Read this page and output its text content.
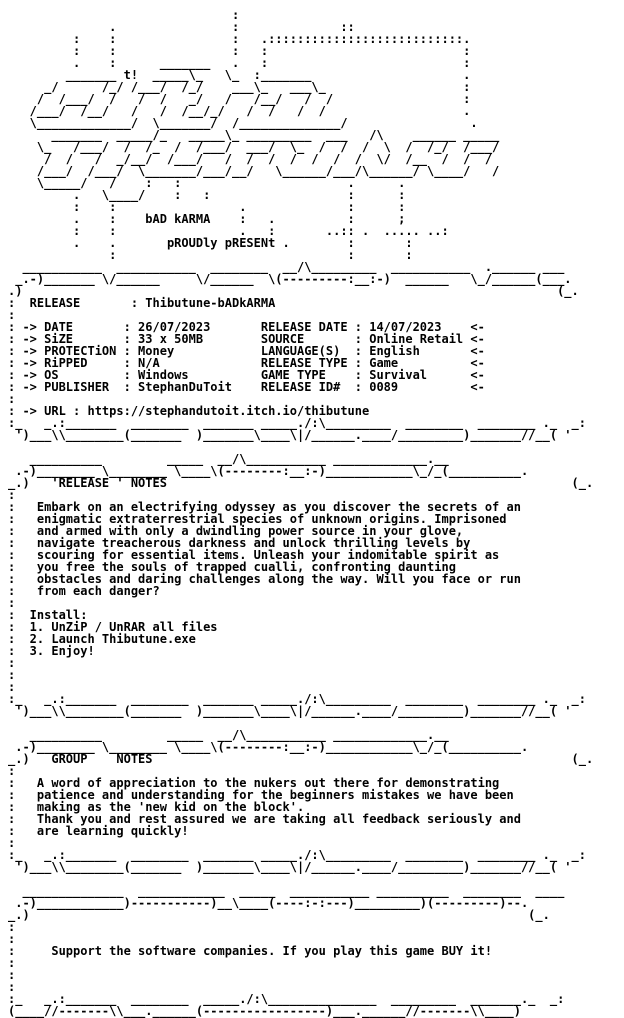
:
.                :              ::
:    :                :   .:::::::::::::::::::::::::::.
:    :                :   :                           :
.    :      _______   .   :                           :
_______ t!  _____\_   \_  :_______                     .
_/      /_/ /___/  /_/    ___\_   ___\_                   :
/  /___/  /   /  /   _/   /   /__/   /  /                  :
/___/  /__/   /   /  /__/_/   /  /   /  /                   .
\_____________/  \_______/  /______________/                 .
_______  _____/_   _____\_ _________  ___   /\    ______ _____
\_   /___/  /  /_  /  /___/  ___/  \_  /  /  /  \  /  /_/  /___/
/  /   /  _/__/  /___/   /  /  /  /  /  /  /  \/  /__  /  /  /
/___/  /___/  \_______/___/__/   \______/___/\______/ \____/   /
\_____/   /    :   :                       .      .
.   \____/    :   :                   :      :
:    :                 .              :      :
.    :    bAD kARMA    :   .          :      ;
:    :                 .   :       ..:: .  ..... ..:
.    .       pROUDly pRESENt .        :       :
:                                :       :

___________  ___________  ________  __/\_________  ___________  .______ ___
_.-)_______ \/______     \/______  \(---------:__:-)  ______   \_/______(___.
.)                                                                          (_.
:  RELEASE       : Thibutune-bADkARMA
:
: -> DATE       : 26/07/2023       RELEASE DATE : 14/07/2023    <-
: -> SiZE       : 33 x 50MB        SOURCE       : Online Retail <-
: -> PROTECTiON : Money            LANGUAGE(S)  : English       <-
: -> RiPPED     : N/A              RELEASE TYPE : Game          <-
: -> OS         : Windows          GAME TYPE    : Survival      <-
: -> PUBLISHER  : StephanDuToit    RELEASE ID#  : 0089          <-
:
: -> URL : https://stephandutoit.itch.io/thibutune
:_   _.:_______  ________  _______ _____./:\_________  ________  ________ ._  _:
')___\\________(_______  )_______\____\|/______.____/_________)_______//__( '

__________         _____  __/\___________ _____________.__
.-)________ \________ \____\(--------:__:-)____________\_/_(__________.
_.)   'RELEASE ' NOTES                                                        (_.
:
:   Embark on an electrifying odyssey as you discover the secrets of an
:   enigmatic extraterrestrial species of unknown origins. Imprisoned
:   and armed with only a dwindling power source in your glove,
:   navigate treacherous darkness and unlock thrilling levels by
:   scouring for essential items. Unleash your indomitable spirit as
:   you free the souls of trapped cualli, confronting daunting
:   obstacles and daring challenges along the way. Will you face or run
:   from each danger?
:
:  Install:
:  1. UnZiP / UnRAR all files
:  2. Launch Thibutune.exe
:  3. Enjoy!
:
:
:
:_   _.:_______  ________  _______ _____./:\_________  ________  ________ ._  _:
')___\\________(_______  )_______\____\|/______.____/_________)_______//__( '

__________         _____  __/\___________ _____________.__
.-)________ \________ \____\(--------:__:-)____________\_/_(__________.
_.)   GROUP    NOTES                                                          (_.
:
:   A word of appreciation to the nukers out there for demonstrating
:   patience and understanding for the beginners mistakes we have been
:   making as the 'new kid on the block'.
:   Thank you and rest assured we are taking all feedback seriously and
:   are learning quickly!
:
:_   _.:_______  ________  _______ _____./:\_________  ________  ________ ._  _:
')___\\________(_______  )_______\____\|/______.____/_________)_______//__( '

______________  ____________  _____  ___________ __________  ________  ____
.-)____________)-----------)__\____(----:-:---)_________)(---------)--.
_.)                                                                     (_.
:
:
:     Support the software companies. If you play this game BUY it!
:
:
:
:_   _.:_______  ________  _____./:\_______________  _________  _______._  _:
(____//-------\\___.______(-----------------)___.______//-------\\____)
